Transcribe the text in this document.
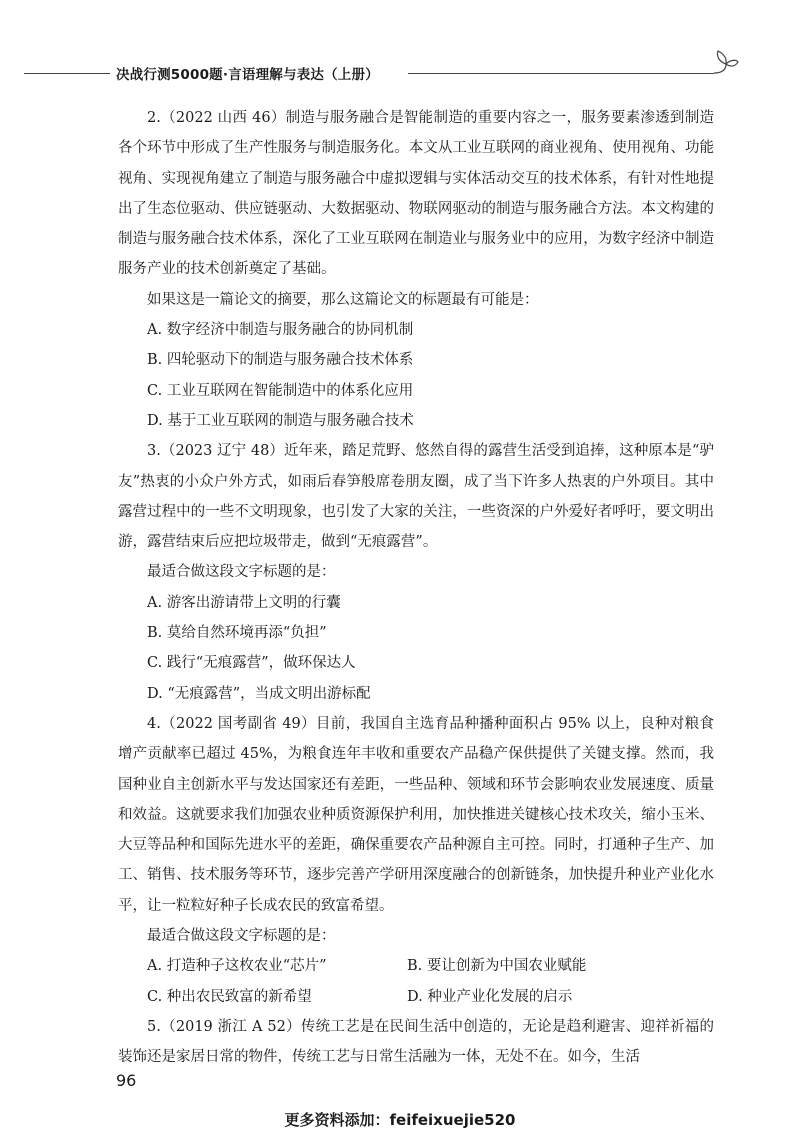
决战行测5000题·言语理解与表达（上册）

2.（2022 山西 46）制造与服务融合是智能制造的重要内容之一，服务要素渗透到制造各个环节中形成了生产性服务与制造服务化。本文从工业互联网的商业视角、使用视角、功能视角、实现视角建立了制造与服务融合中虚拟逻辑与实体活动交互的技术体系，有针对性地提出了生态位驱动、供应链驱动、大数据驱动、物联网驱动的制造与服务融合方法。本文构建的制造与服务融合技术体系，深化了工业互联网在制造业与服务业中的应用，为数字经济中制造服务产业的技术创新奠定了基础。

如果这是一篇论文的摘要，那么这篇论文的标题最有可能是：

A. 数字经济中制造与服务融合的协同机制

B. 四轮驱动下的制造与服务融合技术体系

C. 工业互联网在智能制造中的体系化应用

D. 基于工业互联网的制造与服务融合技术

3.（2023 辽宁 48）近年来，踏足荒野、悠然自得的露营生活受到追捧，这种原本是“驴友”热衷的小众户外方式，如雨后春笋般席卷朋友圈，成了当下许多人热衷的户外项目。其中露营过程中的一些不文明现象，也引发了大家的关注，一些资深的户外爱好者呼吁，要文明出游，露营结束后应把垃圾带走，做到“无痕露营”。

最适合做这段文字标题的是：

A. 游客出游请带上文明的行囊

B. 莫给自然环境再添“负担”

C. 践行“无痕露营”，做环保达人

D. “无痕露营”，当成文明出游标配

4.（2022 国考副省 49）目前，我国自主选育品种播种面积占 95% 以上，良种对粮食增产贡献率已超过 45%，为粮食连年丰收和重要农产品稳产保供提供了关键支撑。然而，我国种业自主创新水平与发达国家还有差距，一些品种、领域和环节会影响农业发展速度、质量和效益。这就要求我们加强农业种质资源保护利用，加快推进关键核心技术攻关，缩小玉米、大豆等品种和国际先进水平的差距，确保重要农产品种源自主可控。同时，打通种子生产、加工、销售、技术服务等环节，逐步完善产学研用深度融合的创新链条，加快提升种业产业化水平，让一粒粒好种子长成农民的致富希望。

最适合做这段文字标题的是：

A. 打造种子这枚农业“芯片”	B. 要让创新为中国农业赋能
C. 种出农民致富的新希望	D. 种业产业化发展的启示

5.（2019 浙江 A 52）传统工艺是在民间生活中创造的，无论是趋利避害、迎祥祈福的装饰还是家居日常的物件，传统工艺与日常生活融为一体，无处不在。如今，生活

96
更多资料添加：feifeixuejie520
